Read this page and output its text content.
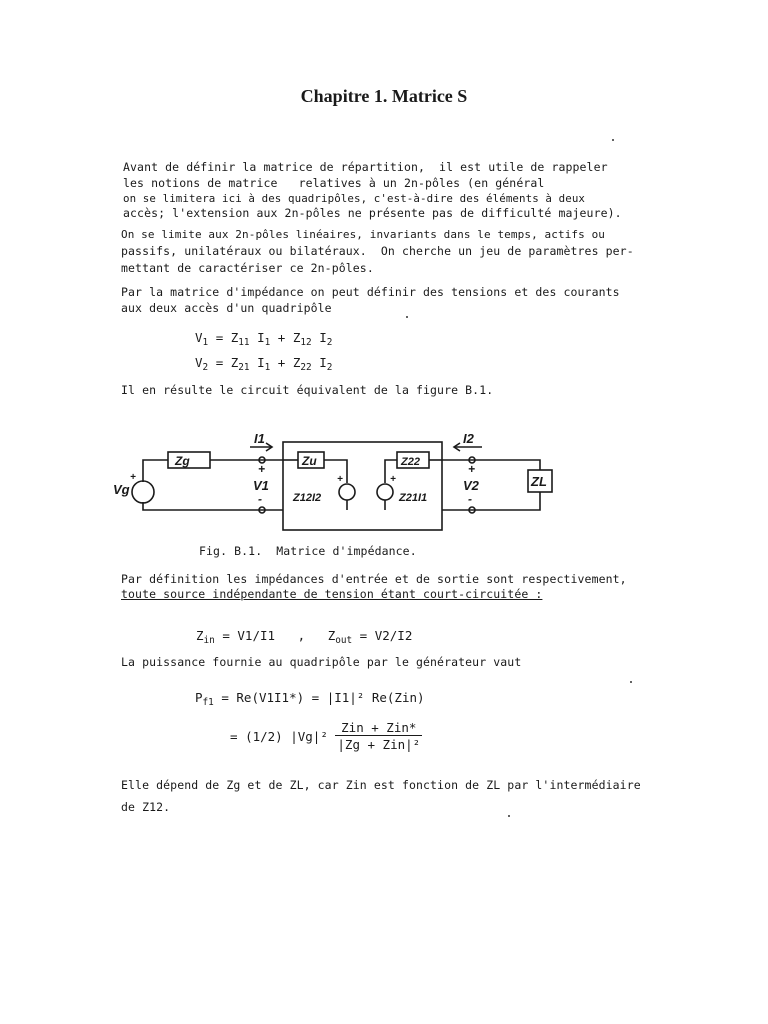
Chapitre 1. Matrice S
Avant de définir la matrice de répartition,  il est utile de rappeler
les notions de matrice   relatives à un 2n-pôles (en général
on se limitera ici à des quadripôles, c'est-à-dire des éléments à deux
accès; l'extension aux 2n-pôles ne présente pas de difficulté majeure).
On se limite aux 2n-pôles linéaires, invariants dans le temps, actifs ou
passifs, unilatéraux ou bilatéraux.  On cherche un jeu de paramètres per-
mettant de caractériser ce 2n-pôles.
Par la matrice d'impédance on peut définir des tensions et des courants
aux deux accès d'un quadripôle
$V_1 = Z_{11}$ $I_1 + Z_{12}$ $I_2$
$V_2 = Z_{21}$ $I_1 + Z_{22}$ $I_2$
Il en résulte le circuit équivalent de la figure B.1.
+
+
-
+	+
+
-
Zg
Vg
I1
V1
Zu
Z12I2
Z22
Z21I1
I2
V2	ZL
Fig. B.1.  Matrice d'impédance.
Par définition les impédances d'entrée et de sortie sont respectivement,
toute source indépendante de tension étant court-circuitée :
$Z_{in} = V1/I1$   ,   $Z_{out} = V2/I2$
La puissance fournie au quadripôle par le générateur vaut
$P_{f1} = Re(V1I1*) = |I1|^2$ Re(Zin)
= (1/2) $|Vg|^2 \frac{\text{Zin + Zin*}}{\text{|Zg + Zin|²}}$
Elle dépend de Zg et de ZL, car Zin est fonction de ZL par l'intermédiaire
de Z12.
